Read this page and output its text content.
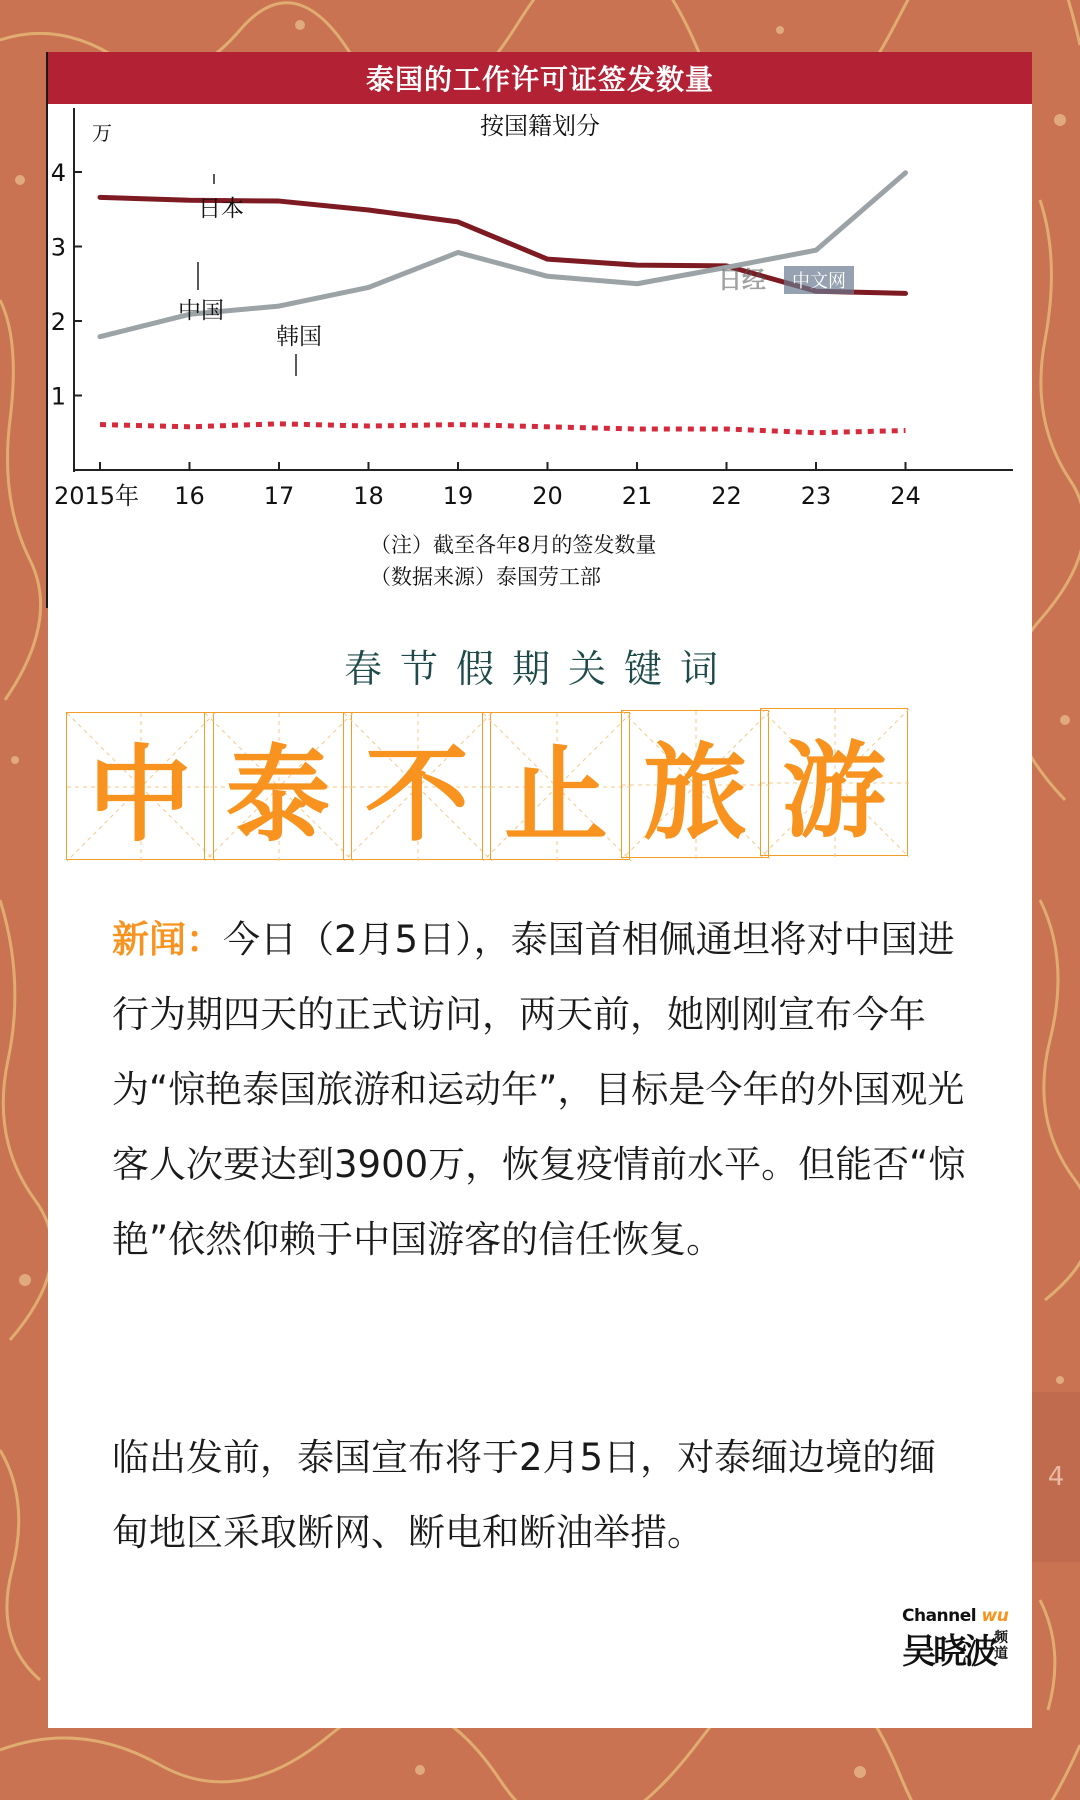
泰国的工作许可证签发数量
按国籍划分
万
1
2
3
4
2015年 16 17 18 19 20 21 22 23 24
日本
中国
韩国
日经 中文网
（注）截至各年8月的签发数量
（数据来源）泰国劳工部
春节假期关键词
中 泰 不 止 旅 游
新闻：今日（2月5日），泰国首相佩通坦将对中国进行为期四天的正式访问，两天前，她刚刚宣布今年为“惊艳泰国旅游和运动年”，目标是今年的外国观光客人次要达到3900万，恢复疫情前水平。但能否“惊艳”依然仰赖于中国游客的信任恢复。
临出发前，泰国宣布将于2月5日，对泰缅边境的缅甸地区采取断网、断电和断油举措。
4
Channel wu
吴晓波 频道
